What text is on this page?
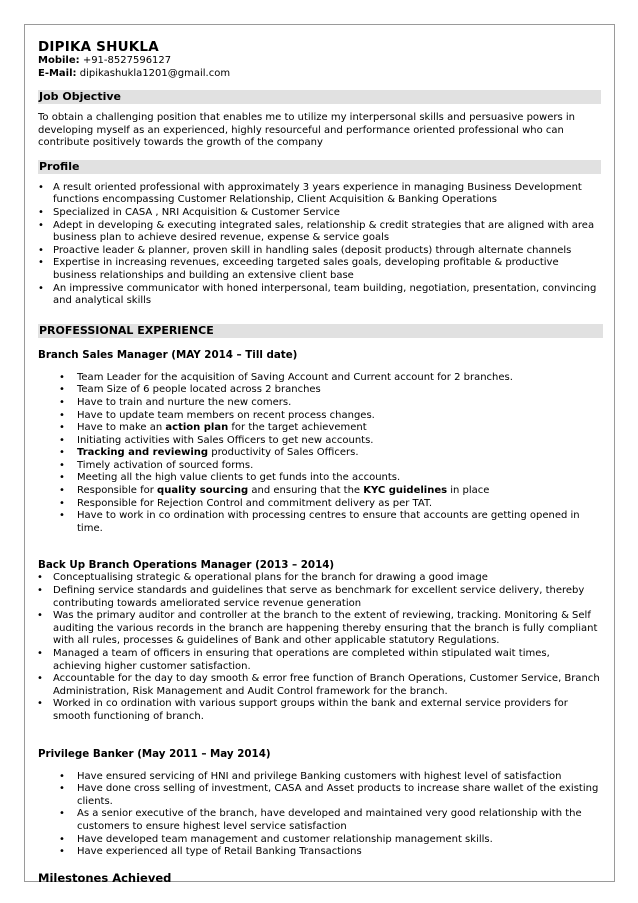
DIPIKA SHUKLA
Mobile: +91-8527596127
E-Mail: dipikashukla1201@gmail.com
Job Objective

To obtain a challenging position that enables me to utilize my interpersonal skills and persuasive powers in developing myself as an experienced, highly resourceful and performance oriented professional who can contribute positively towards the growth of the company

Profile
• A result oriented professional with approximately 3 years experience in managing Business Development functions encompassing Customer Relationship, Client Acquisition & Banking Operations
• Specialized in CASA , NRI Acquisition & Customer Service
• Adept in developing & executing integrated sales, relationship & credit strategies that are aligned with area business plan to achieve desired revenue, expense & service goals
• Proactive leader & planner, proven skill in handling sales (deposit products) through alternate channels
• Expertise in increasing revenues, exceeding targeted sales goals, developing profitable & productive business relationships and building an extensive client base
• An impressive communicator with honed interpersonal, team building, negotiation, presentation, convincing and analytical skills
PROFESSIONAL EXPERIENCE
Branch Sales Manager (MAY 2014 – Till date)
• Team Leader for the acquisition of Saving Account and Current account for 2 branches.
• Team Size of 6 people located across 2 branches
• Have to train and nurture the new comers.
• Have to update team members on recent process changes.
• Have to make an action plan for the target achievement
• Initiating activities with Sales Officers to get new accounts.
• Tracking and reviewing productivity of Sales Officers.
• Timely activation of sourced forms.
• Meeting all the high value clients to get funds into the accounts.
• Responsible for quality sourcing and ensuring that the KYC guidelines in place
• Responsible for Rejection Control and commitment delivery as per TAT.
• Have to work in co ordination with processing centres to ensure that accounts are getting opened in time.
Back Up Branch Operations Manager (2013 – 2014)
• Conceptualising strategic & operational plans for the branch for drawing a good image
• Defining service standards and guidelines that serve as benchmark for excellent service delivery, thereby contributing towards ameliorated service revenue generation
• Was the primary auditor and controller at the branch to the extent of reviewing, tracking. Monitoring & Self auditing the various records in the branch are happening thereby ensuring that the branch is fully compliant with all rules, processes & guidelines of Bank and other applicable statutory Regulations.
• Managed a team of officers in ensuring that operations are completed within stipulated wait times, achieving higher customer satisfaction.
• Accountable for the day to day smooth & error free function of Branch Operations, Customer Service, Branch Administration, Risk Management and Audit Control framework for the branch.
• Worked in co ordination with various support groups within the bank and external service providers for smooth functioning of branch.
Privilege Banker (May 2011 – May 2014)
• Have ensured servicing of HNI and privilege Banking customers with highest level of satisfaction
• Have done cross selling of investment, CASA and Asset products to increase share wallet of the existing clients.
• As a senior executive of the branch, have developed and maintained very good relationship with the customers to ensure highest level service satisfaction
• Have developed team management and customer relationship management skills.
• Have experienced all type of Retail Banking Transactions
Milestones Achieved
